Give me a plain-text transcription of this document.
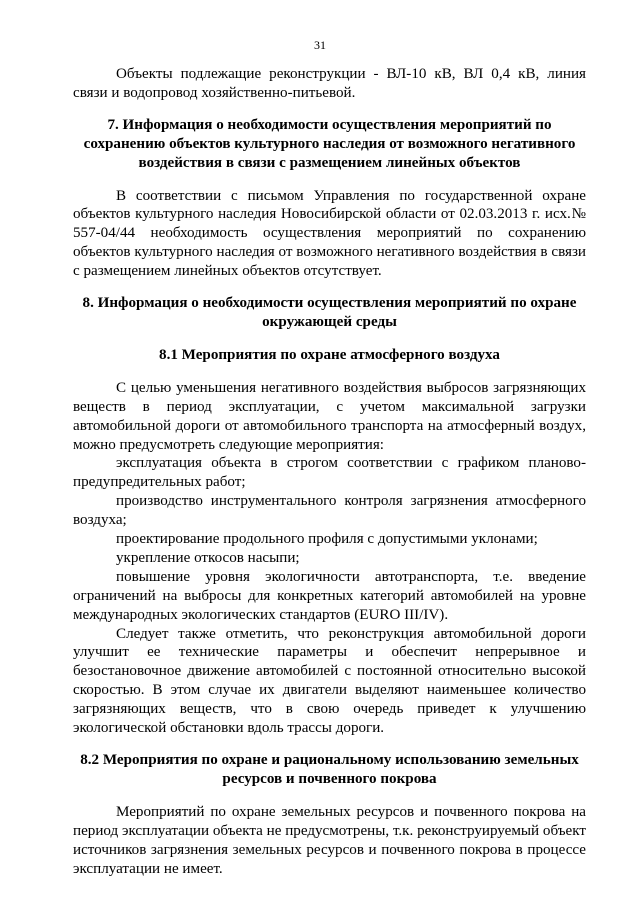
31

Объекты подлежащие реконструкции - ВЛ-10 кВ, ВЛ 0,4 кВ, линия связи и водопровод хозяйственно-питьевой.

7. Информация о необходимости осуществления мероприятий по сохранению объектов культурного наследия от возможного негативного воздействия в связи с размещением линейных объектов

В соответствии с письмом Управления по государственной охране объектов культурного наследия Новосибирской области от 02.03.2013 г. исх.№ 557-04/44 необходимость осуществления мероприятий по сохранению объектов культурного наследия от возможного негативного воздействия в связи с размещением линейных объектов отсутствует.

8. Информация о необходимости осуществления мероприятий по охране окружающей среды
8.1 Мероприятия по охране атмосферного воздуха

С целью уменьшения негативного воздействия выбросов загрязняющих веществ в период эксплуатации, с учетом максимальной загрузки автомобильной дороги от автомобильного транспорта на атмосферный воздух, можно предусмотреть следующие мероприятия:

эксплуатация объекта в строгом соответствии с графиком планово-предупредительных работ;

производство инструментального контроля загрязнения атмосферного воздуха;

проектирование продольного профиля с допустимыми уклонами;

укрепление откосов насыпи;

повышение уровня экологичности автотранспорта, т.е. введение ограничений на выбросы для конкретных категорий автомобилей на уровне международных экологических стандартов (EURO III/IV).

Следует также отметить, что реконструкция автомобильной дороги улучшит ее технические параметры и обеспечит непрерывное и безостановочное движение автомобилей с постоянной относительно высокой скоростью. В этом случае их двигатели выделяют наименьшее количество загрязняющих веществ, что в свою очередь приведет к улучшению экологической обстановки вдоль трассы дороги.

8.2 Мероприятия по охране и рациональному использованию земельных ресурсов и почвенного покрова

Мероприятий по охране земельных ресурсов и почвенного покрова на период эксплуатации объекта не предусмотрены, т.к. реконструируемый объект источников загрязнения земельных ресурсов и почвенного покрова в процессе эксплуатации не имеет.
